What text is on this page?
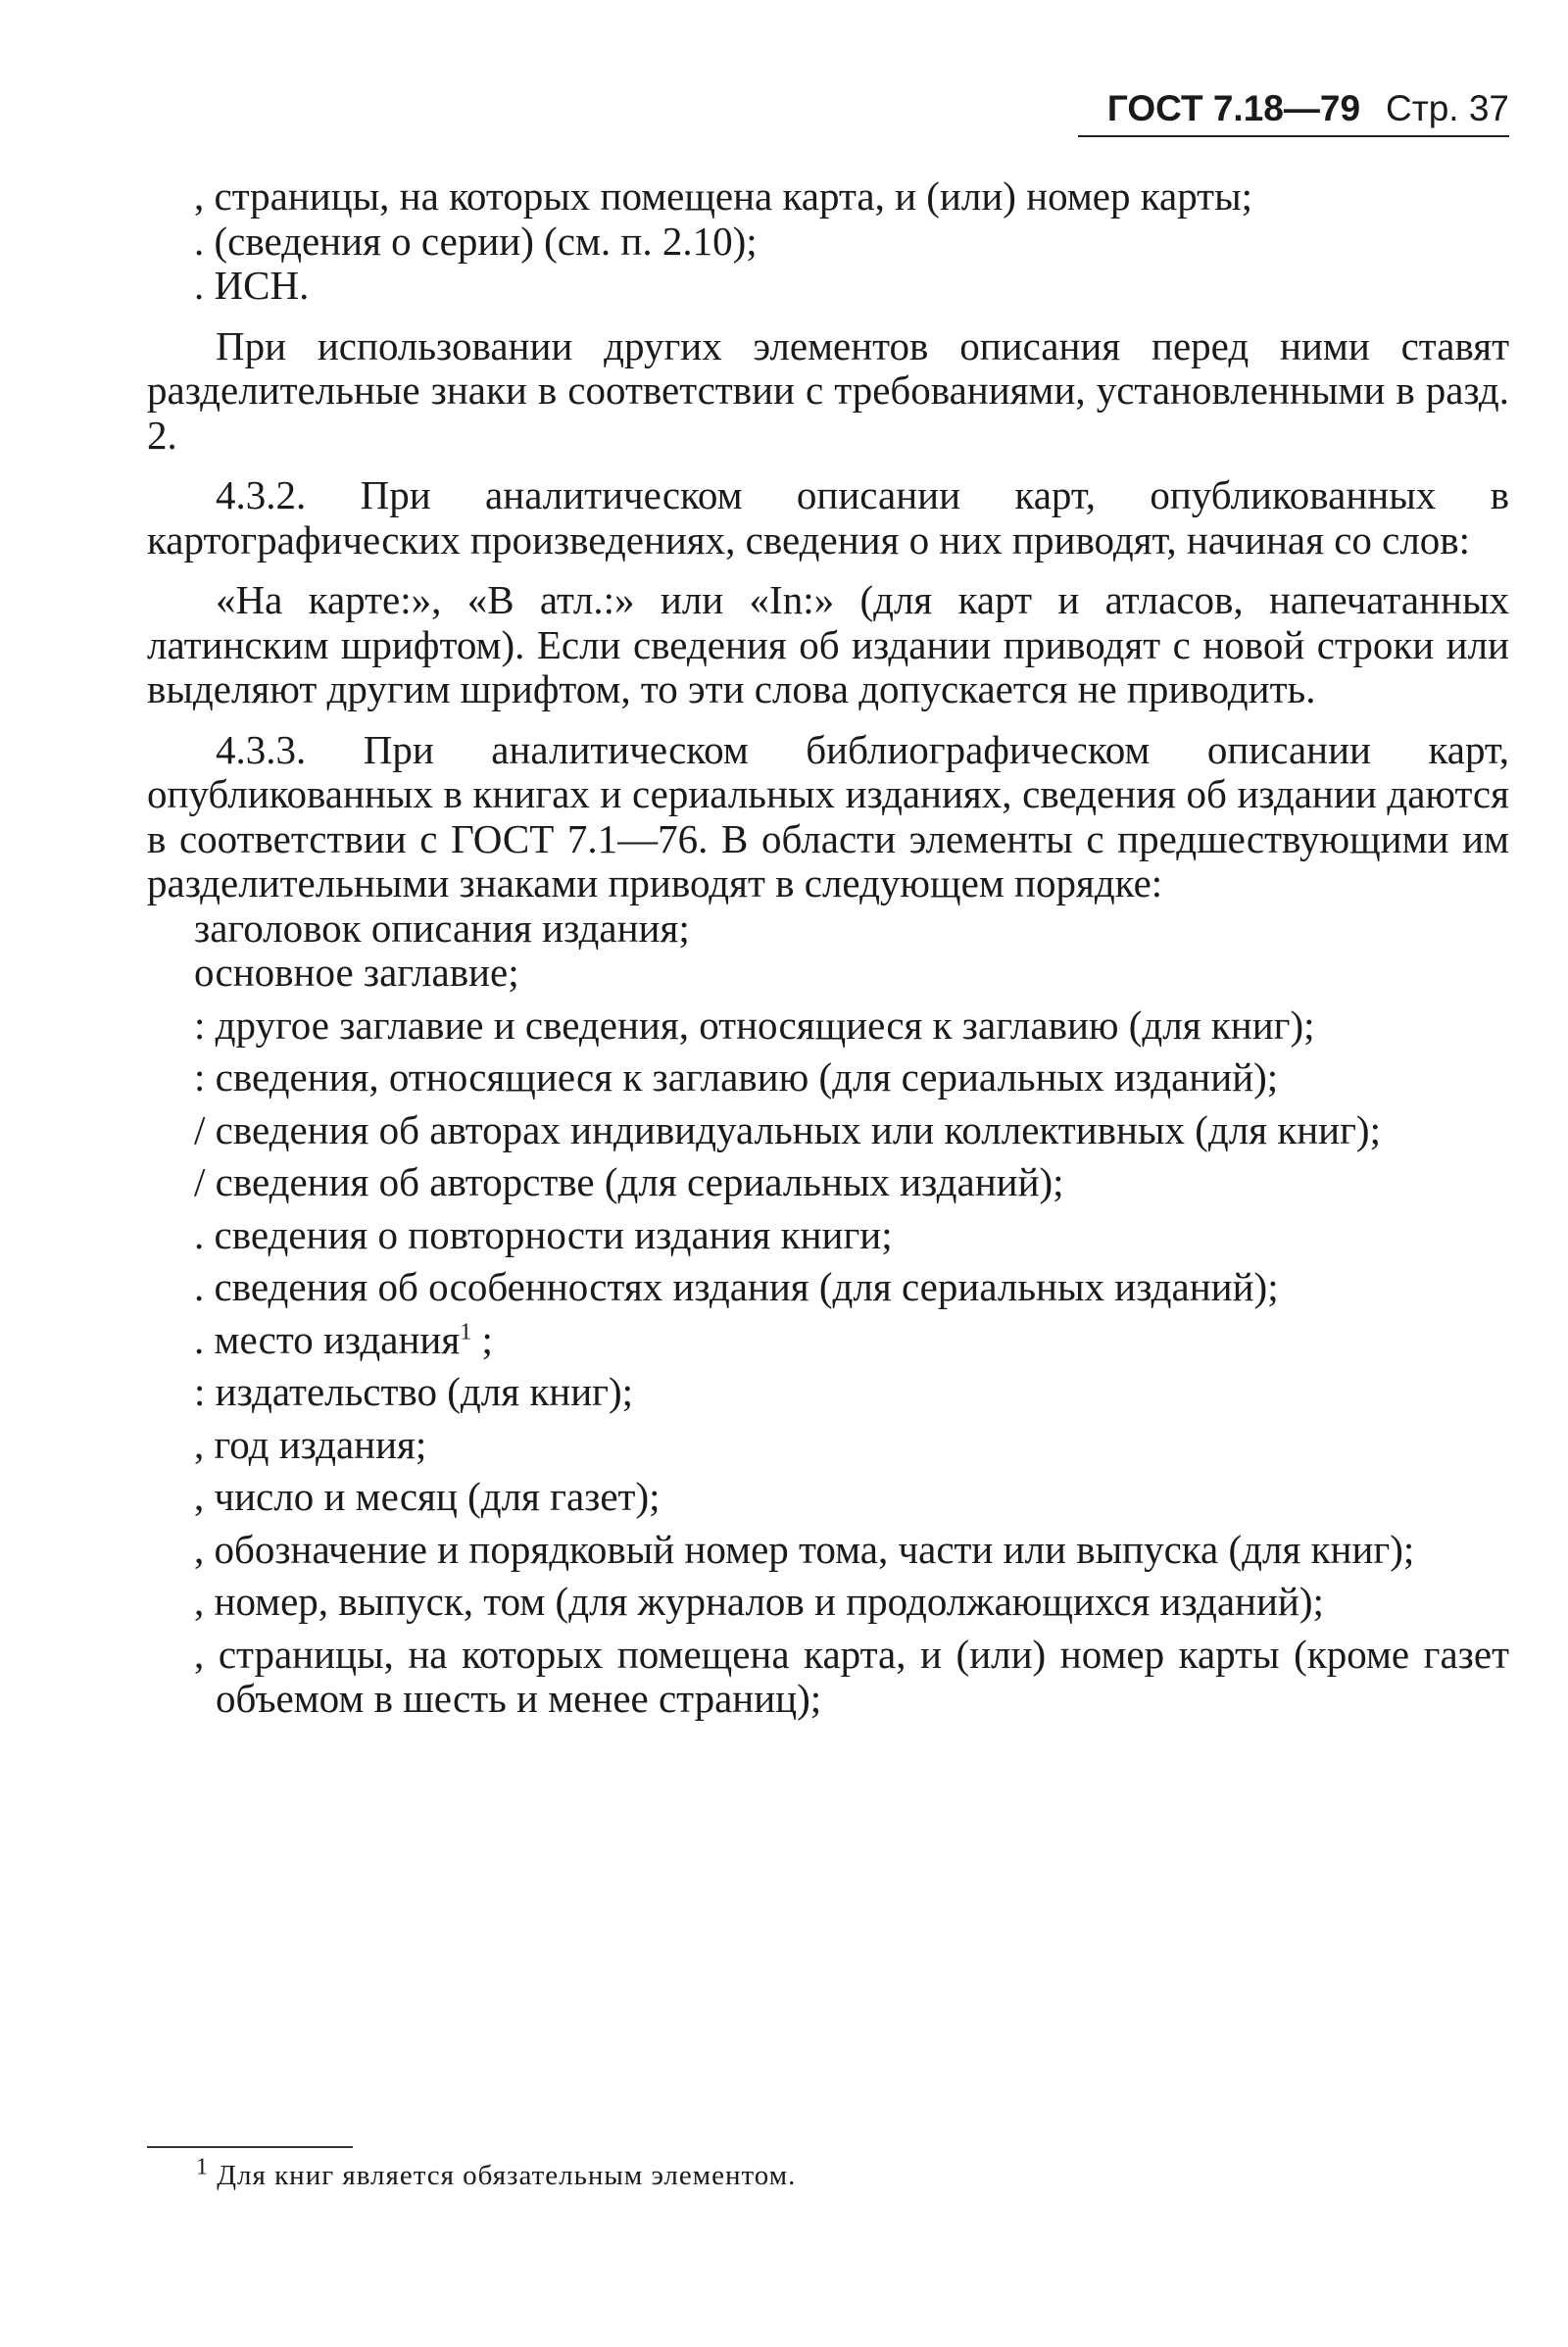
ГОСТ 7.18—79 Стр. 37

, страницы, на которых помещена карта, и (или) номер карты;

. (сведения о серии) (см. п. 2.10);

. ИСН.

При использовании других элементов описания перед ними ставят разделительные знаки в соответствии с требованиями, установленными в разд. 2.

4.3.2. При аналитическом описании карт, опубликованных в картографических произведениях, сведения о них приводят, начиная со слов:

«На карте:», «В атл.:» или «In:» (для карт и атласов, напечатанных латинским шрифтом). Если сведения об издании приводят с новой строки или выделяют другим шрифтом, то эти слова допускается не приводить.

4.3.3. При аналитическом библиографическом описании карт, опубликованных в книгах и сериальных изданиях, сведения об издании даются в соответствии с ГОСТ 7.1—76. В области элементы с предшествующими им разделительными знаками приводят в следующем порядке:

заголовок описания издания;

основное заглавие;

: другое заглавие и сведения, относящиеся к заглавию (для книг);

: сведения, относящиеся к заглавию (для сериальных изданий);

/ сведения об авторах индивидуальных или коллективных (для книг);

/ сведения об авторстве (для сериальных изданий);

. сведения о повторности издания книги;

. сведения об особенностях издания (для сериальных изданий);

. место издания$^1$ ;

: издательство (для книг);

, год издания;

, число и месяц (для газет);

, обозначение и порядковый номер тома, части или выпуска (для книг);

, номер, выпуск, том (для журналов и продолжающихся изданий);

, страницы, на которых помещена карта, и (или) номер карты (кроме газет объемом в шесть и менее страниц);

$^1$ Для книг является обязательным элементом.
